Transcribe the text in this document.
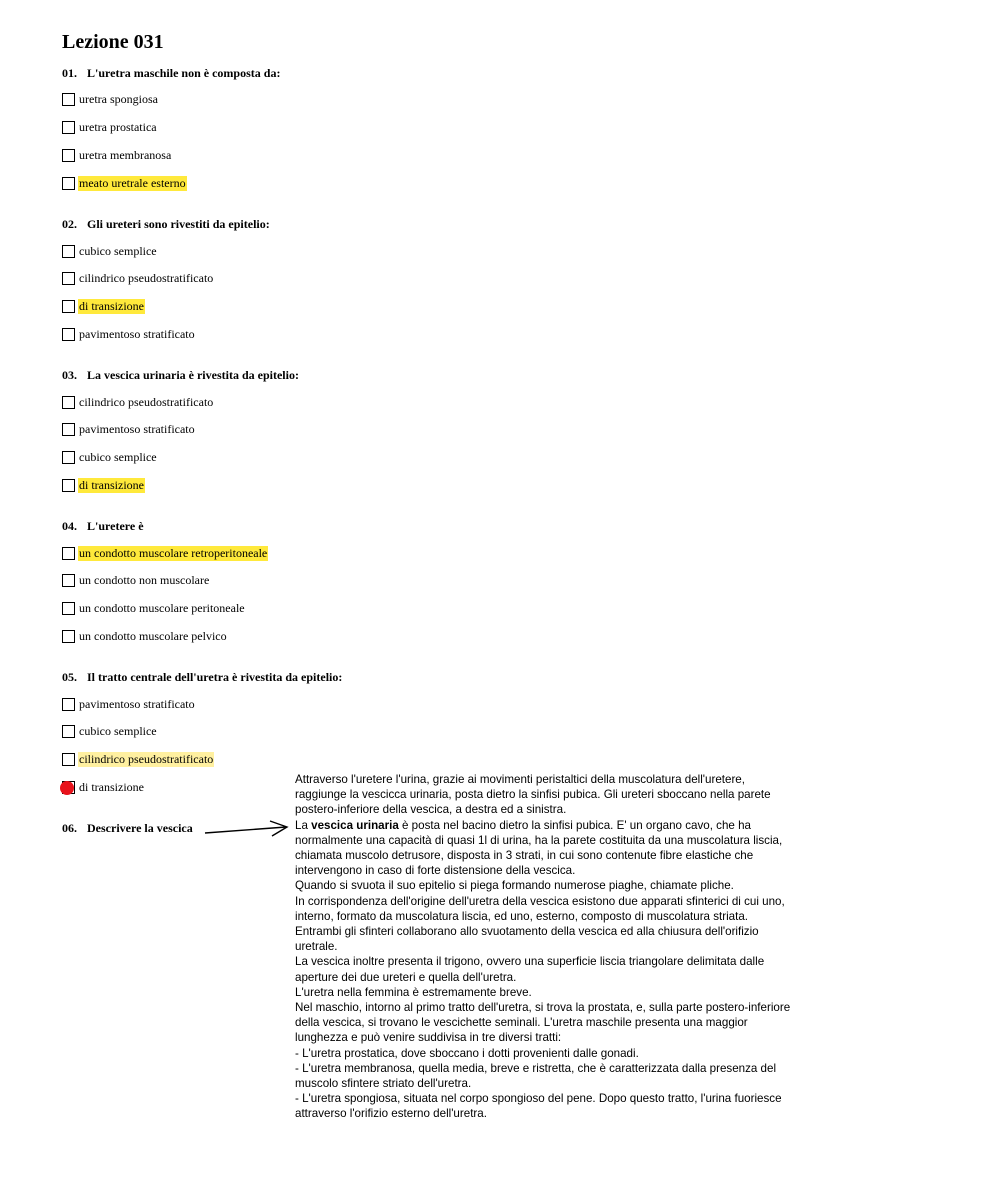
Lezione 031
01. L'uretra maschile non è composta da:
uretra spongiosa
uretra prostatica
uretra membranosa
meato uretrale esterno
02. Gli ureteri sono rivestiti da epitelio:
cubico semplice
cilindrico pseudostratificato
di transizione
pavimentoso stratificato
03. La vescica urinaria è rivestita da epitelio:
cilindrico pseudostratificato
pavimentoso stratificato
cubico semplice
di transizione
04. L'uretere è
un condotto muscolare retroperitoneale
un condotto non muscolare
un condotto muscolare peritoneale
un condotto muscolare pelvico
05. Il tratto centrale dell'uretra è rivestita da epitelio:
pavimentoso stratificato
cubico semplice
cilindrico pseudostratificato
di transizione
06. Descrivere la vescica

Attraverso l'uretere l'urina, grazie ai movimenti peristaltici della muscolatura dell'uretere, raggiunge la vescicca urinaria, posta dietro la sinfisi pubica. Gli ureteri sboccano nella parete postero-inferiore della vescica, a destra ed a sinistra.

La vescica urinaria è posta nel bacino dietro la sinfisi pubica. E' un organo cavo, che ha normalmente una capacità di quasi 1l di urina, ha la parete costituita da una muscolatura liscia, chiamata muscolo detrusore, disposta in 3 strati, in cui sono contenute fibre elastiche che intervengono in caso di forte distensione della vescica.

Quando si svuota il suo epitelio si piega formando numerose piaghe, chiamate pliche.

In corrispondenza dell'origine dell'uretra della vescica esistono due apparati sfinterici di cui uno, interno, formato da muscolatura liscia, ed uno, esterno, composto di muscolatura striata. Entrambi gli sfinteri collaborano allo svuotamento della vescica ed alla chiusura dell'orifizio uretrale.

La vescica inoltre presenta il trigono, ovvero una superficie liscia triangolare delimitata dalle aperture dei due ureteri e quella dell'uretra.

L'uretra nella femmina è estremamente breve.

Nel maschio, intorno al primo tratto dell'uretra, si trova la prostata, e, sulla parte postero-inferiore della vescica, si trovano le vescichette seminali. L'uretra maschile presenta una maggior lunghezza e può venire suddivisa in tre diversi tratti:

- L'uretra prostatica, dove sboccano i dotti provenienti dalle gonadi.

- L'uretra membranosa, quella media, breve e ristretta, che è caratterizzata dalla presenza del muscolo sfintere striato dell'uretra.

- L'uretra spongiosa, situata nel corpo spongioso del pene. Dopo questo tratto, l'urina fuoriesce attraverso l'orifizio esterno dell'uretra.
